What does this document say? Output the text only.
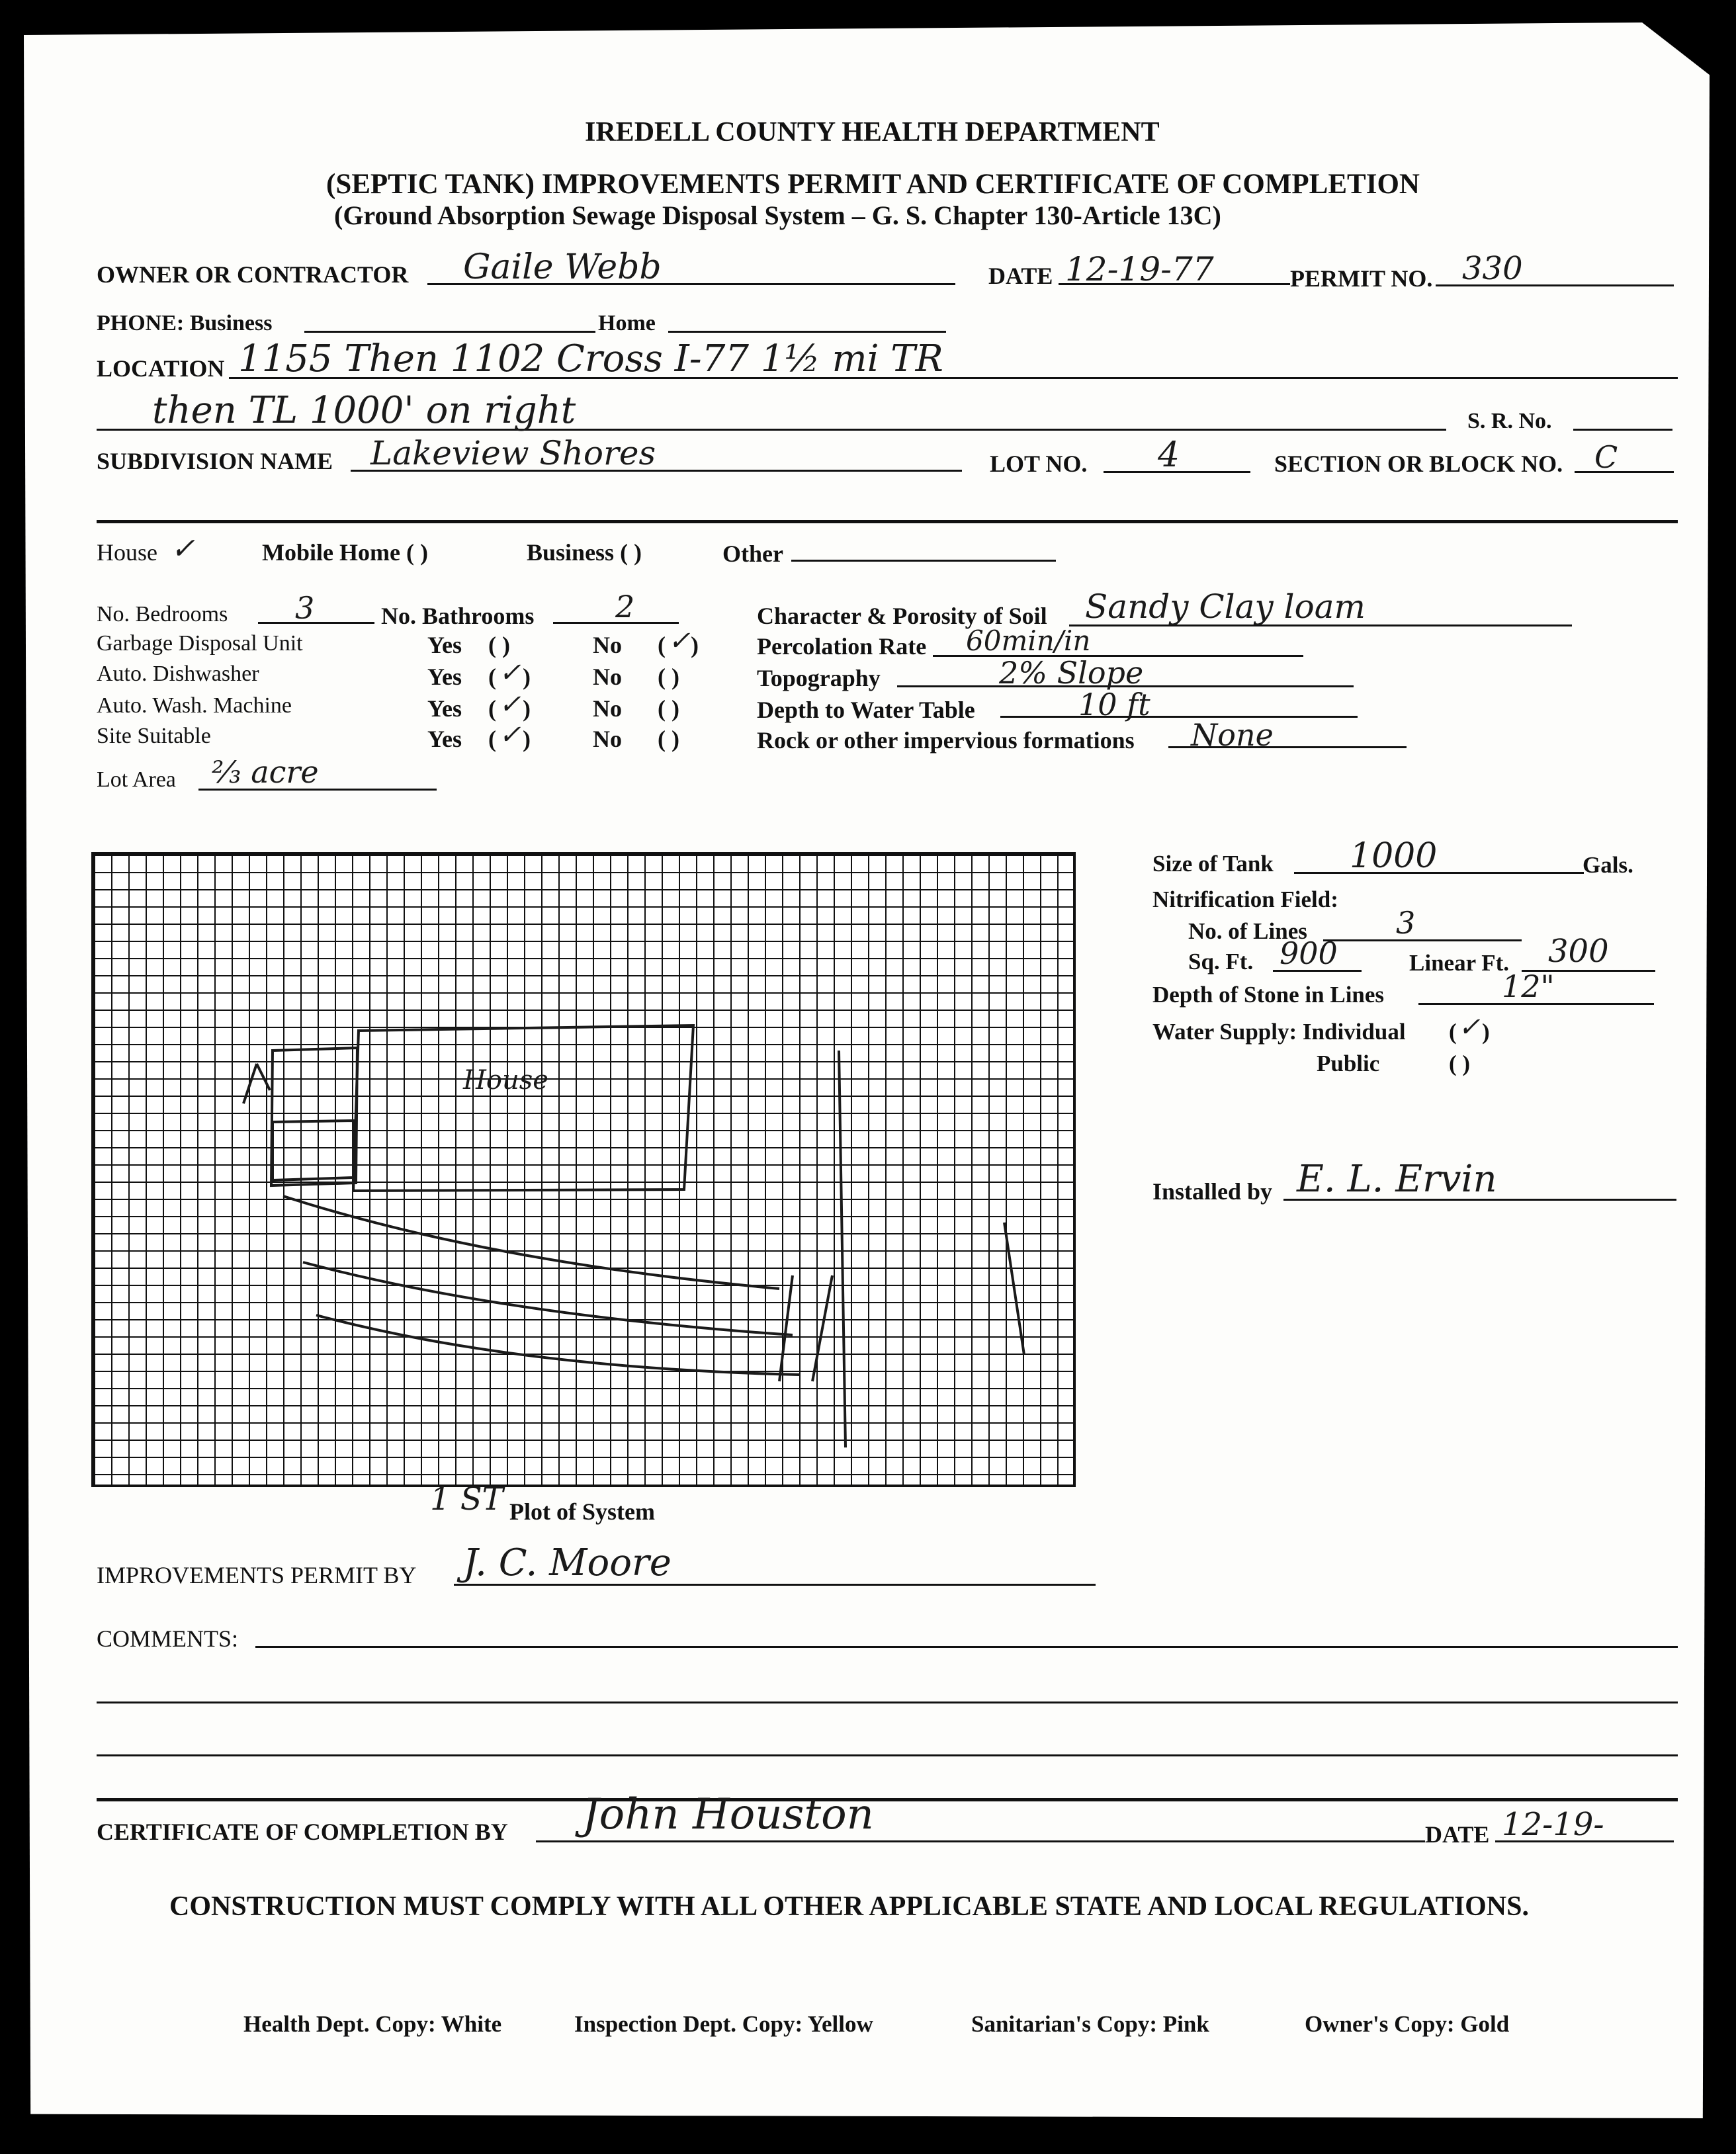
IREDELL COUNTY HEALTH DEPARTMENT
(SEPTIC TANK) IMPROVEMENTS PERMIT AND CERTIFICATE OF COMPLETION
(Ground Absorption Sewage Disposal System – G. S. Chapter 130-Article 13C)
OWNER OR CONTRACTOR Gaile Webb	DATE 12-19-77	PERMIT NO. 330
PHONE: Business	Home
LOCATION 1155 Then 1102 Cross I-77 1½ mi TR
then TL 1000' on right	S. R. No.
SUBDIVISION NAME Lakeview Shores	LOT NO. 4	SECTION OR BLOCK NO. C
House ✓	Mobile Home ( )	Business ( )	Other
No. Bedrooms 3	No. Bathrooms	2
Garbage Disposal Unit	Yes ( )	No ( ✓ )
Auto. Dishwasher	Yes ( ✓ )	No ( )
Auto. Wash. Machine	Yes ( ✓ )	No ( )
Site Suitable	Yes ( ✓ )	No ( )
Lot Area ⅔ acre
Character & Porosity of Soil Sandy Clay loam
Percolation Rate 60min/in
Topography	2% Slope
Depth to Water Table	10 ft
Rock or other impervious formations None
House
Size of Tank 1000	Gals.
Nitrification Field:
No. of Lines	3
Sq. Ft. 900	Linear Ft. 300
Depth of Stone in Lines	12"
Water Supply: Individual ( ✓ )
Public	( )
Installed by E. L. Ervin
1 ST Plot of System
IMPROVEMENTS PERMIT BY J. C. Moore
COMMENTS:
CERTIFICATE OF COMPLETION BY John Houston	DATE 12-19-
CONSTRUCTION MUST COMPLY WITH ALL OTHER APPLICABLE STATE AND LOCAL REGULATIONS.
Health Dept. Copy: White	Inspection Dept. Copy: Yellow	Sanitarian's Copy: Pink	Owner's Copy: Gold
